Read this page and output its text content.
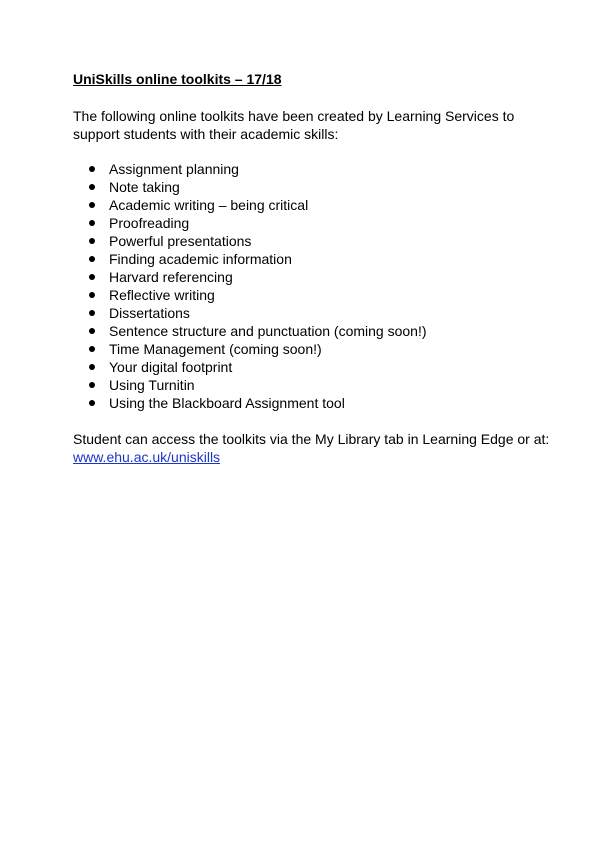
UniSkills online toolkits – 17/18
The following online toolkits have been created by Learning Services to
support students with their academic skills:
Assignment planning
Note taking
Academic writing – being critical
Proofreading
Powerful presentations
Finding academic information
Harvard referencing
Reflective writing
Dissertations
Sentence structure and punctuation (coming soon!)
Time Management (coming soon!)
Your digital footprint
Using Turnitin
Using the Blackboard Assignment tool
Student can access the toolkits via the My Library tab in Learning Edge or at:
www.ehu.ac.uk/uniskills
